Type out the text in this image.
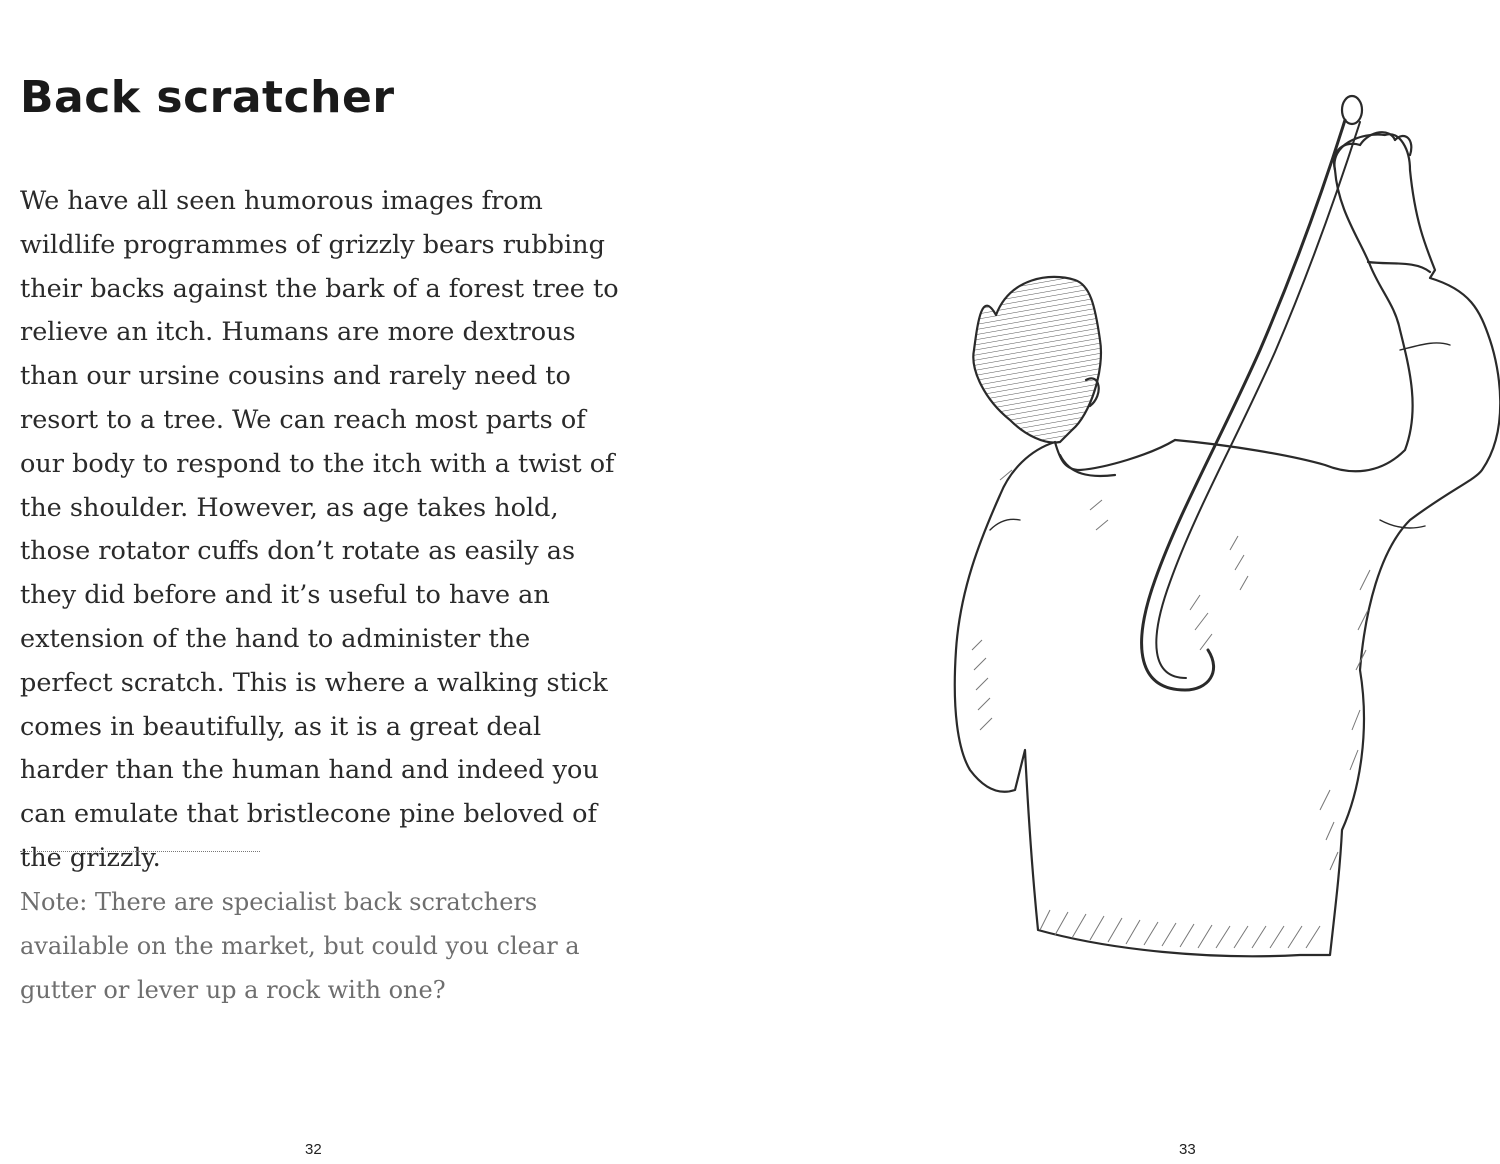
Back scratcher

We have all seen humorous images from wildlife programmes of grizzly bears rubbing their backs against the bark of a forest tree to relieve an itch. Humans are more dextrous than our ursine cousins and rarely need to resort to a tree. We can reach most parts of our body to respond to the itch with a twist of the shoulder. However, as age takes hold, those rotator cuffs don’t rotate as easily as they did before and it’s useful to have an extension of the hand to administer the perfect scratch. This is where a walking stick comes in beautifully, as it is a great deal harder than the human hand and indeed you can emulate that bristlecone pine beloved of the grizzly.

Note: There are specialist back scratchers available on the market, but could you clear a gutter or lever up a rock with one?

32	33
